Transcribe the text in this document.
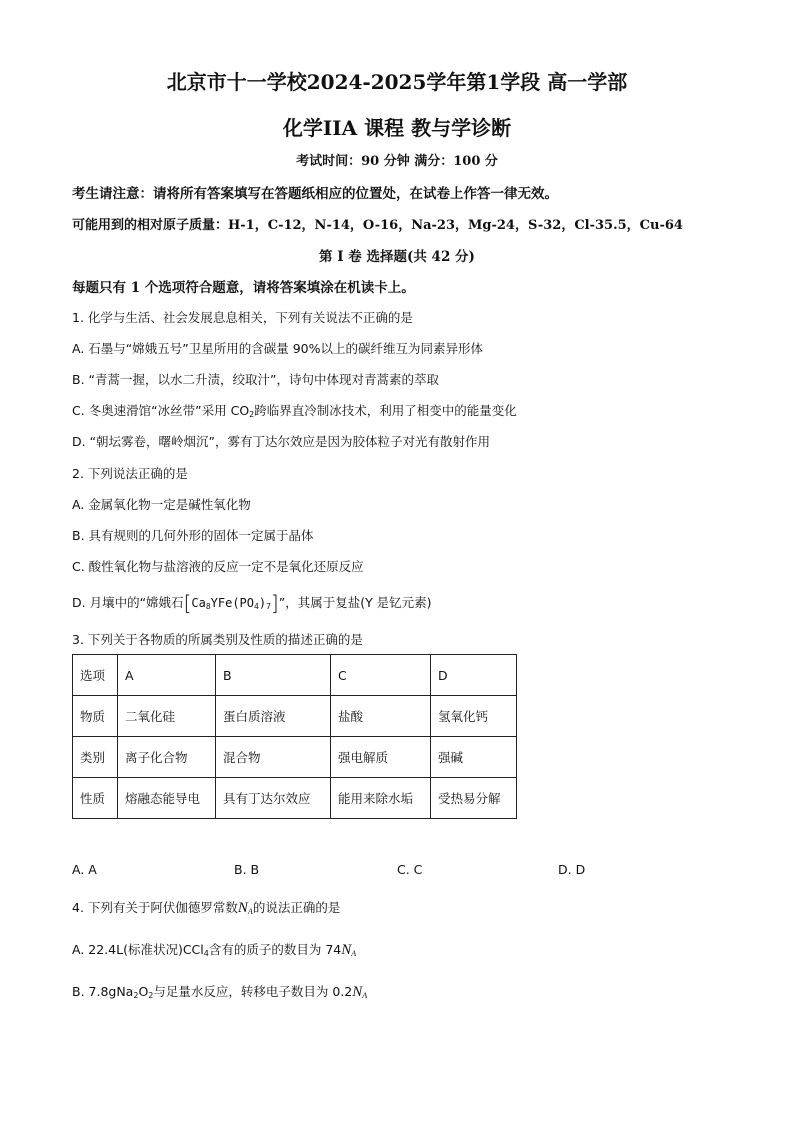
北京市十一学校2024-2025学年第1学段 高一学部
化学IIA 课程 教与学诊断
考试时间：90 分钟 满分：100 分
考生请注意：请将所有答案填写在答题纸相应的位置处，在试卷上作答一律无效。
可能用到的相对原子质量：H-1，C-12，N-14，O-16，Na-23，Mg-24，S-32，Cl-35.5，Cu-64
第 I 卷 选择题(共 42 分)
每题只有 1 个选项符合题意，请将答案填涂在机读卡上。
1. 化学与生活、社会发展息息相关，下列有关说法不正确的是
A. 石墨与“嫦娥五号”卫星所用的含碳量 90%以上的碳纤维互为同素异形体
B. “青蒿一握，以水二升渍，绞取汁”，诗句中体现对青蒿素的萃取
C. 冬奥速滑馆“冰丝带”采用 $CO_2$跨临界直冷制冰技术，利用了相变中的能量变化
D. “朝坛雾卷，曙岭烟沉”，雾有丁达尔效应是因为胶体粒子对光有散射作用
2. 下列说法正确的是
A. 金属氧化物一定是碱性氧化物
B. 具有规则的几何外形的固体一定属于晶体
C. 酸性氧化物与盐溶液的反应一定不是氧化还原反应
D. 月壤中的“嫦娥石$[Ca_8YFe(PO_4)_7]$”，其属于复盐(Y 是钇元素)
3. 下列关于各物质的所属类别及性质的描述正确的是
选项	A	B	C	D
物质	二氧化硅	蛋白质溶液	盐酸	氢氧化钙
类别	离子化合物	混合物	强电解质	强碱
性质	熔融态能导电	具有丁达尔效应	能用来除水垢	受热易分解
A. A	B. B	C. C	D. D
4. 下列有关于阿伏伽德罗常数$N_A$的说法正确的是
A. 22.4L(标准状况)CCl$_4$含有的质子的数目为 $74N_A$
B. $7.8gNa_2O_2$与足量水反应，转移电子数目为 $0.2N_A$
